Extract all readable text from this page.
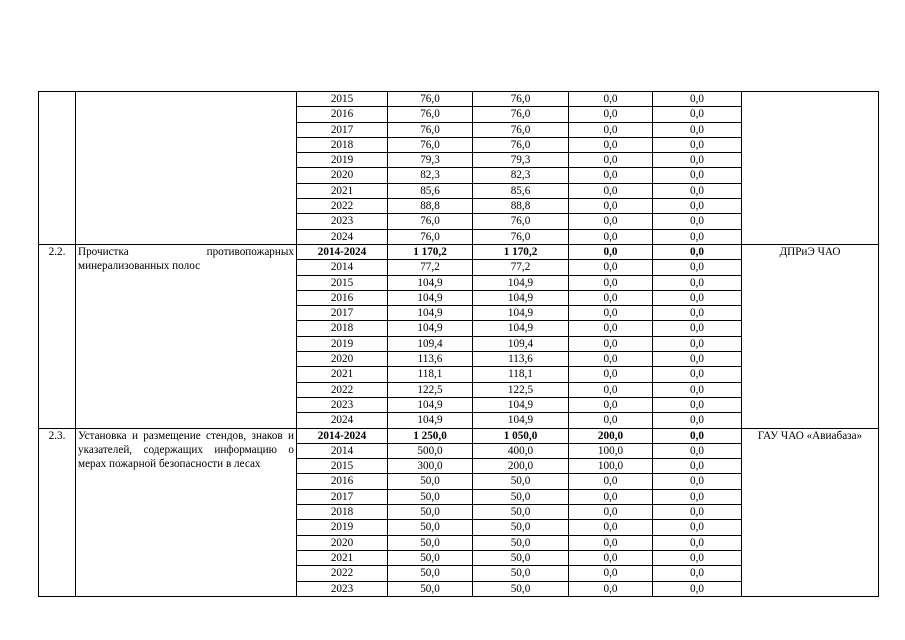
		2015	76,0	76,0	0,0	0,0	
		2016	76,0	76,0	0,0	0,0	
		2017	76,0	76,0	0,0	0,0	
		2018	76,0	76,0	0,0	0,0	
		2019	79,3	79,3	0,0	0,0	
		2020	82,3	82,3	0,0	0,0	
		2021	85,6	85,6	0,0	0,0	
		2022	88,8	88,8	0,0	0,0	
		2023	76,0	76,0	0,0	0,0	
		2024	76,0	76,0	0,0	0,0	
2.2.	Прочистка противопожарных минерализованных полос	2014-2024	1 170,2	1 170,2	0,0	0,0	ДПРиЭ ЧАО
		2014	77,2	77,2	0,0	0,0	
		2015	104,9	104,9	0,0	0,0	
		2016	104,9	104,9	0,0	0,0	
		2017	104,9	104,9	0,0	0,0	
		2018	104,9	104,9	0,0	0,0	
		2019	109,4	109,4	0,0	0,0	
		2020	113,6	113,6	0,0	0,0	
		2021	118,1	118,1	0,0	0,0	
		2022	122,5	122,5	0,0	0,0	
		2023	104,9	104,9	0,0	0,0	
		2024	104,9	104,9	0,0	0,0	
2.3.	Установка и размещение стендов, знаков и указателей, содержащих информацию о мерах пожарной безопасности в лесах	2014-2024	1 250,0	1 050,0	200,0	0,0	ГАУ ЧАО «Авиабаза»
		2014	500,0	400,0	100,0	0,0	
		2015	300,0	200,0	100,0	0,0	
		2016	50,0	50,0	0,0	0,0	
		2017	50,0	50,0	0,0	0,0	
		2018	50,0	50,0	0,0	0,0	
		2019	50,0	50,0	0,0	0,0	
		2020	50,0	50,0	0,0	0,0	
		2021	50,0	50,0	0,0	0,0	
		2022	50,0	50,0	0,0	0,0	
		2023	50,0	50,0	0,0	0,0	
